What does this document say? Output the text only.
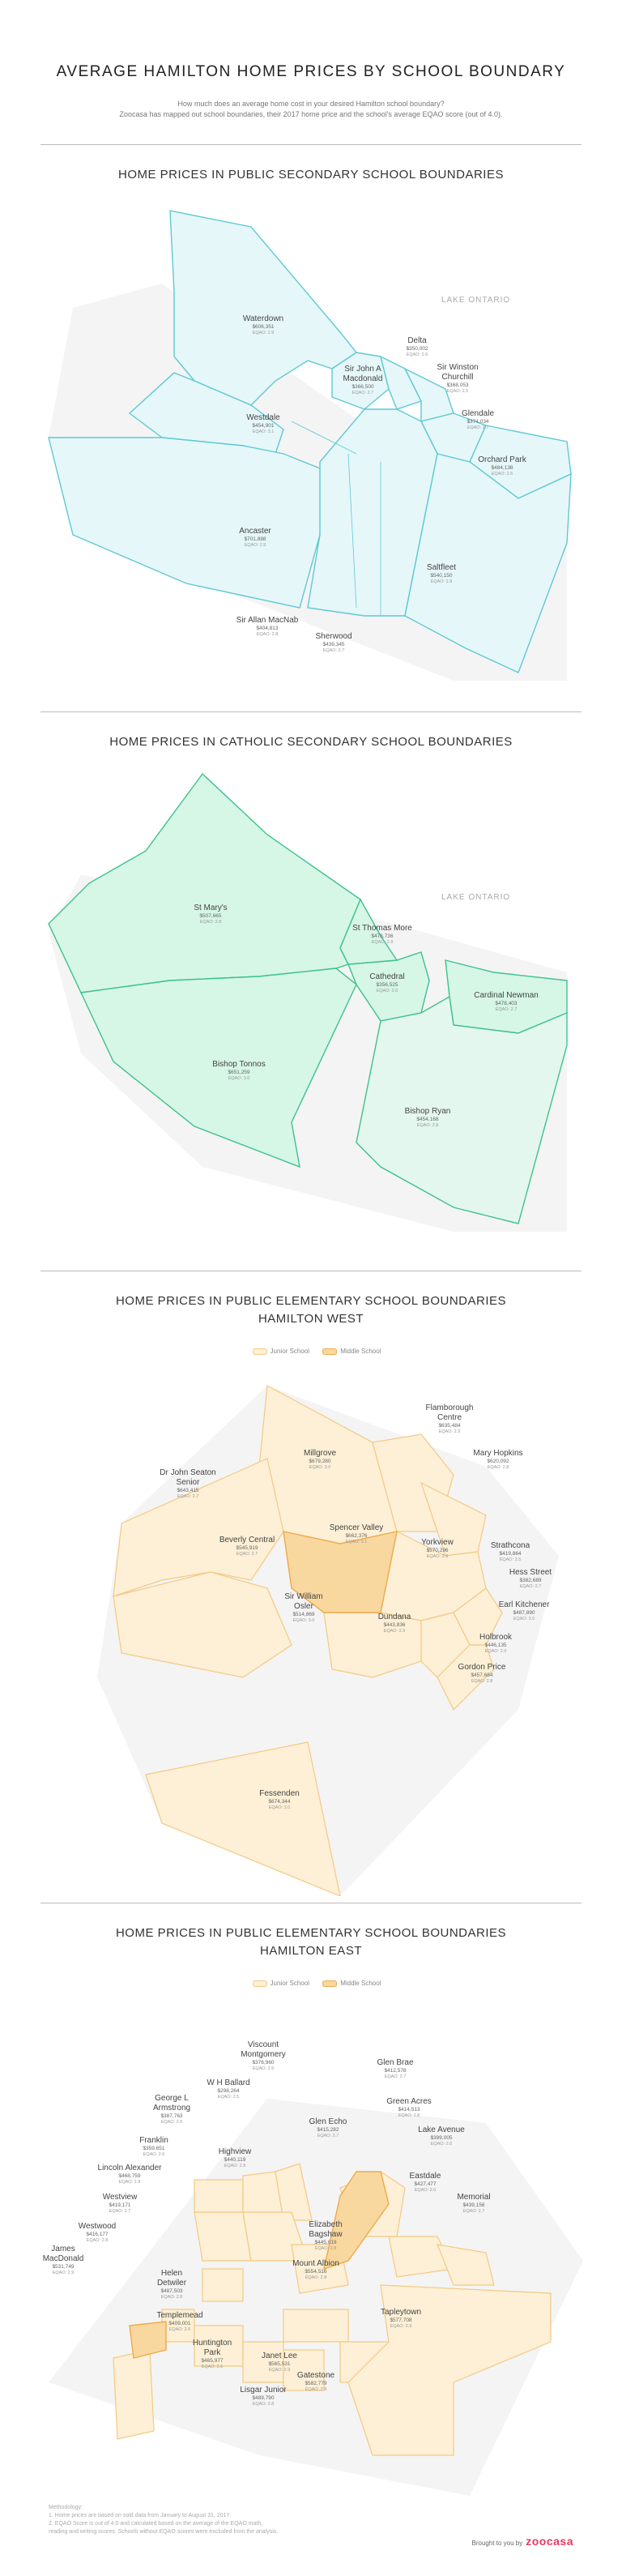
AVERAGE HAMILTON HOME PRICES BY SCHOOL BOUNDARY
How much does an average home cost in your desired Hamilton school boundary?
Zoocasa has mapped out school boundaries, their 2017 home price and the school's average EQAO score (out of 4.0).
HOME PRICES IN PUBLIC SECONDARY SCHOOL BOUNDARIES
LAKE ONTARIO
Waterdown
$606,351
EQAO: 2.9
Delta
$350,002
EQAO: 2.6
Sir John A Macdonald
$366,500
EQAO: 2.7
Sir Winston Churchill
$368,053
EQAO: 2.5
Westdale
$454,901
EQAO: 3.1
Glendale
$374,034
EQAO: 2.7
Orchard Park
$484,138
EQAO: 2.6
Ancaster
$701,888
EQAO: 2.9
Saltfleet
$540,150
EQAO: 2.8
Sir Allan MacNab
$404,813
EQAO: 2.8	Sherwood
$439,345
EQAO: 2.7
HOME PRICES IN CATHOLIC SECONDARY SCHOOL BOUNDARIES
LAKE ONTARIO
St Mary's
$507,665
EQAO: 2.8
St Thomas More
$478,736
EQAO: 2.9
Cathedral
$356,525
EQAO: 2.6	Cardinal Newman
$478,403
EQAO: 2.7
Bishop Tonnos
$651,259
EQAO: 3.0
Bishop Ryan
$454,168
EQAO: 2.8
HOME PRICES IN PUBLIC ELEMENTARY SCHOOL BOUNDARIES
HAMILTON WEST
Junior School	Middle School
Flamborough Centre
$635,484
EQAO: 2.9
Millgrove
$679,280
EQAO: 3.0
Mary Hopkins
$620,092
EQAO: 2.8
Dr John Seaton Senior
$643,415
EQAO: 2.7
Beverly Central
$545,919
EQAO: 2.7
Spencer Valley
$662,376
EQAO: 3.1	Yorkview
$570,296
EQAO: 2.9
Strathcona
$419,864
EQAO: 2.5
Hess Street
$382,689
EQAO: 2.7
Sir William Osler
$514,869
EQAO: 3.0	Dundana
$443,836
EQAO: 2.9
Earl Kitchener
$487,890
EQAO: 3.0
Holbrook
$446,135
EQAO: 2.9
Gordon Price
$457,684
EQAO: 2.8
Fessenden
$674,344
EQAO: 3.0
HOME PRICES IN PUBLIC ELEMENTARY SCHOOL BOUNDARIES
HAMILTON EAST
Junior School	Middle School
Viscount Montgomery
$376,960
EQAO: 2.5
Glen Brae
$412,578
EQAO: 2.7
W H Ballard
$298,264
EQAO: 2.5
George L Armstrong
$387,763
EQAO: 2.6
Green Acres
$414,513
EQAO: 2.8
Glen Echo
$415,282
EQAO: 2.7
Lake Avenue
$399,005
EQAO: 2.6
Franklin
$359,651
EQAO: 2.6	Highview
$440,119
EQAO: 2.8
Lincoln Alexander
$468,759
EQAO: 2.8
Eastdale
$427,477
EQAO: 2.6
Westview
$419,171
EQAO: 2.7
Memorial
$439,156
EQAO: 2.7
Westwood
$416,177
EQAO: 2.8
Elizabeth Bagshaw
$445,019
EQAO: 2.8
James MacDonald
$531,749
EQAO: 2.9
Mount Albion
$554,516
EQAO: 2.8
Helen Detwiler
$487,503
EQAO: 2.8
Tapleytown
$577,708
EQAO: 2.9
Templemead
$409,001
EQAO: 2.6
Huntington Park
$465,977
EQAO: 2.6
Janet Lee
$565,531
EQAO: 2.9
Gatestone
$582,779
EQAO: 2.9
Lisgar Junior
$489,790
EQAO: 2.8
Methodology:
1. Home prices are based on sold data from January to August 31, 2017.
2. EQAO Score is out of 4.0 and calculated based on the average of the EQAO math,
reading and writing scores. Schools without EQAO scores were excluded from the analysis.
Brought to you by zoocasa
